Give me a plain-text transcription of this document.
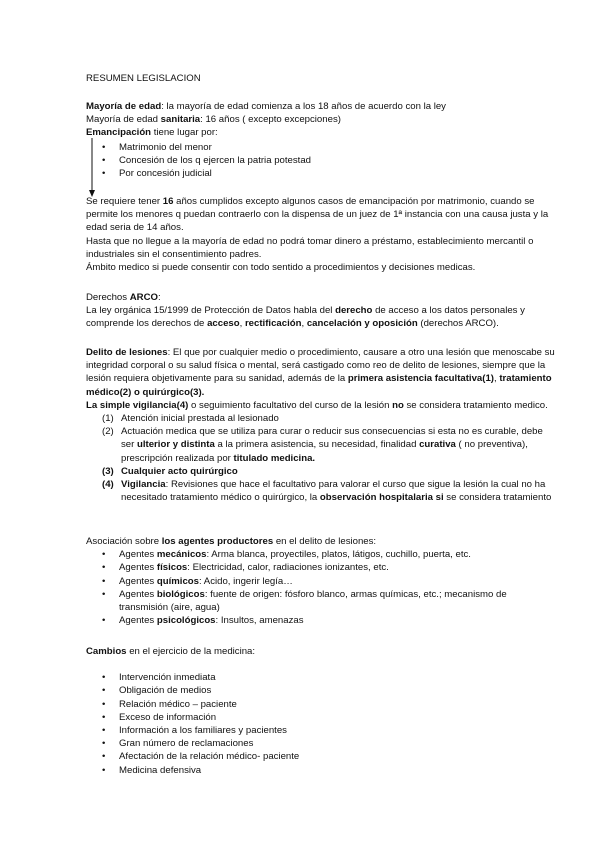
RESUMEN LEGISLACION

Mayoría de edad: la mayoría de edad comienza a los 18 años de acuerdo con la ley

Mayoría de edad sanitaria: 16 años ( excepto excepciones)

Emancipación tiene lugar por:

• Matrimonio del menor
• Concesión de los q ejercen la patria potestad
• Por concesión judicial

Se requiere tener 16 años cumplidos excepto algunos casos de emancipación por matrimonio, cuando se permite los menores q puedan contraerlo con la dispensa de un juez de 1ª instancia con una causa justa y la edad seria de 14 años.

Hasta que no llegue a la mayoría de edad no podrá tomar dinero a préstamo, establecimiento mercantil o industriales sin el consentimiento padres.

Ámbito medico si puede consentir con todo sentido a procedimientos y decisiones medicas.

Derechos ARCO:

La ley orgánica 15/1999 de Protección de Datos habla del derecho de acceso a los datos personales y comprende los derechos de acceso, rectificación, cancelación y oposición (derechos ARCO).

Delito de lesiones: El que por cualquier medio o procedimiento, causare a otro una lesión que menoscabe su integridad corporal o su salud física o mental, será castigado como reo de delito de lesiones, siempre que la lesión requiera objetivamente para su sanidad, además de la primera asistencia facultativa(1), tratamiento médico(2) o quirúrgico(3).

La simple vigilancia(4) o seguimiento facultativo del curso de la lesión no se considera tratamiento medico.

(1) Atención inicial prestada al lesionado
(2) Actuación medica que se utiliza para curar o reducir sus consecuencias si esta no es curable, debe ser ulterior y distinta a la primera asistencia, su necesidad, finalidad curativa ( no preventiva), prescripción realizada por titulado medicina.
(3) Cualquier acto quirúrgico
(4) Vigilancia: Revisiones que hace el facultativo para valorar el curso que sigue la lesión la cual no ha necesitado tratamiento médico o quirúrgico, la observación hospitalaria si se considera tratamiento

Asociación sobre los agentes productores en el delito de lesiones:

• Agentes mecánicos: Arma blanca, proyectiles, platos, látigos, cuchillo, puerta, etc.
• Agentes físicos: Electricidad, calor, radiaciones ionizantes, etc.
• Agentes químicos: Acido, ingerir legía…
• Agentes biológicos: fuente de origen: fósforo blanco, armas químicas, etc.; mecanismo de transmisión (aire, agua)
• Agentes psicológicos: Insultos, amenazas

Cambios en el ejercicio de la medicina:

• Intervención inmediata
• Obligación de medios
• Relación médico – paciente
• Exceso de información
• Información a los familiares y pacientes
• Gran número de reclamaciones
• Afectación de la relación médico- paciente
• Medicina defensiva
